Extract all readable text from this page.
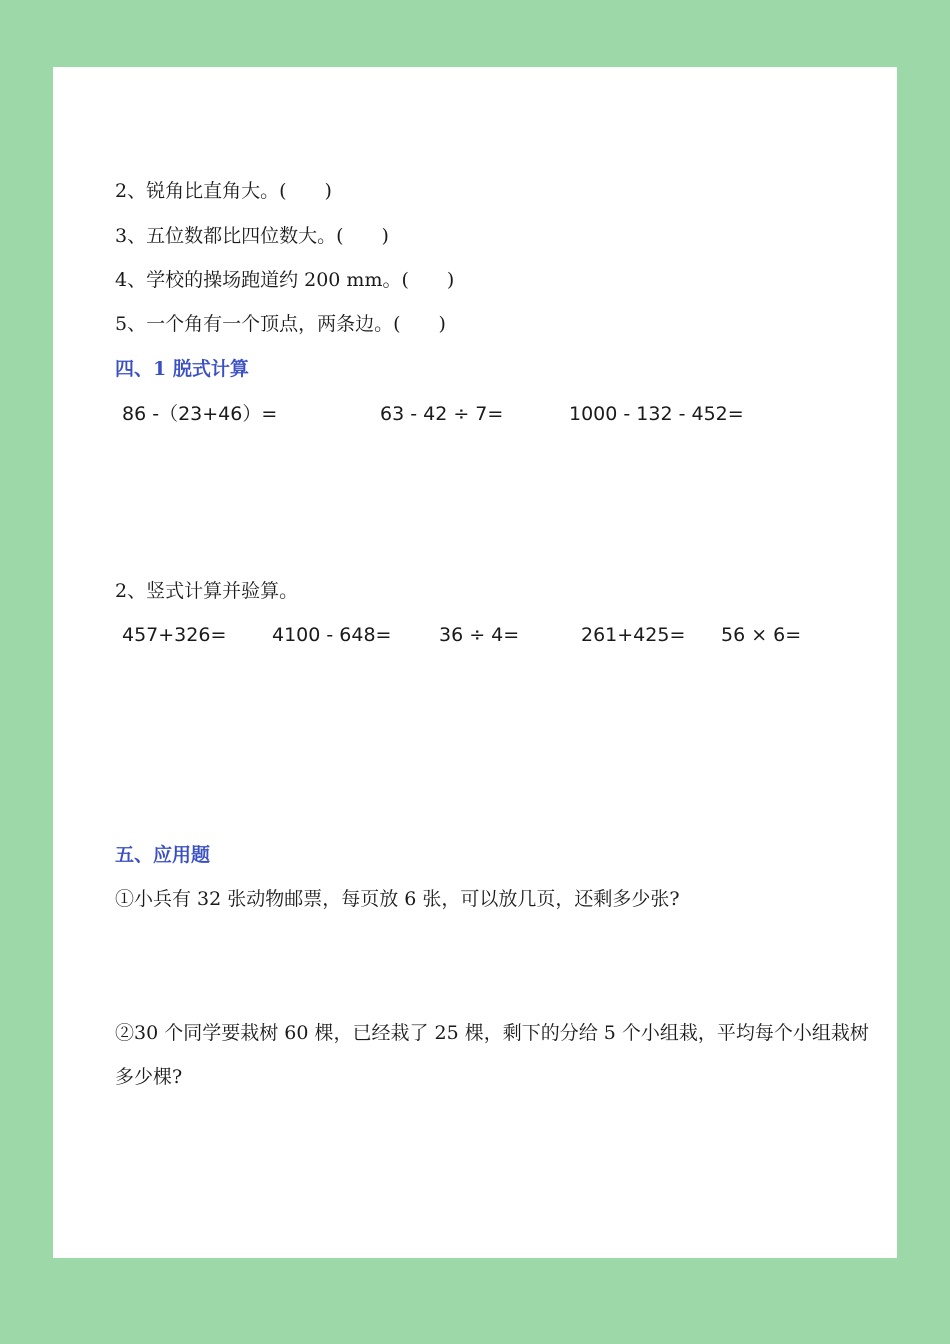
2、锐角比直角大。(　　)
3、五位数都比四位数大。(　　)
4、学校的操场跑道约 200 mm。(　　)
5、一个角有一个顶点，两条边。(　　)
四、1 脱式计算
86 -（23+46）=	63 - 42 ÷ 7=	1000 - 132 - 452=
2、竖式计算并验算。
457+326= 4100 - 648=	36 ÷ 4=	261+425= 56 × 6=
五、应用题
①小兵有 32 张动物邮票，每页放 6 张，可以放几页，还剩多少张?
②30 个同学要栽树 60 棵，已经栽了 25 棵，剩下的分给 5 个小组栽，平均每个小组栽树
多少棵?
